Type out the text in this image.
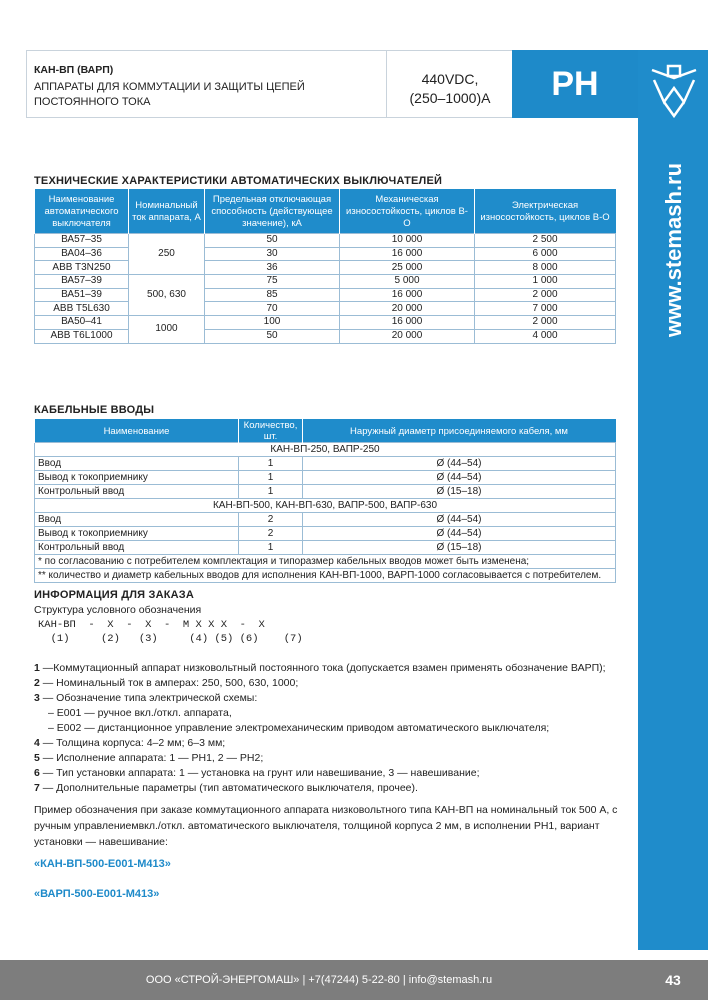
КАН-ВП (ВАРП)
АППАРАТЫ ДЛЯ КОММУТАЦИИ И ЗАЩИТЫ ЦЕПЕЙ ПОСТОЯННОГО ТОКА
440VDC,
(250–1000)А	РН
www.stemash.ru
ТЕХНИЧЕСКИЕ ХАРАКТЕРИСТИКИ АВТОМАТИЧЕСКИХ ВЫКЛЮЧАТЕЛЕЙ
Наименование автоматического выключателя	Номинальный ток аппарата, А	Предельная отключающая способность (действующее значение), кА	Механическая износостойкость, циклов В-О	Электрическая износостойкость, циклов В-О
ВА57–35	250	50	10 000	2 500
ВА04–36		30	16 000	6 000
ABB T3N250		36	25 000	8 000
ВА57–39	500, 630	75	5 000	1 000
ВА51–39		85	16 000	2 000
ABB T5L630		70	20 000	7 000
ВА50–41	1000	100	16 000	2 000
ABB T6L1000		50	20 000	4 000
КАБЕЛЬНЫЕ ВВОДЫ
Наименование	Количество, шт.	Наружный диаметр присоединяемого кабеля, мм
КАН-ВП-250, ВАПР-250		
Ввод	1	Ø (44–54)
Вывод к токоприемнику	1	Ø (44–54)
Контрольный ввод	1	Ø (15–18)
КАН-ВП-500, КАН-ВП-630, ВАПР-500, ВАПР-630		
Ввод	2	Ø (44–54)
Вывод к токоприемнику	2	Ø (44–54)
Контрольный ввод	1	Ø (15–18)
* по согласованию с потребителем комплектация и типоразмер кабельных вводов может быть изменена;		
** количество и диаметр кабельных вводов для исполнения КАН-ВП-1000, ВАРП-1000 согласовывается с потребителем.		
ИНФОРМАЦИЯ ДЛЯ ЗАКАЗА
Структура условного обозначения
КАН-ВП  -  Х  -  Х  -  М Х Х Х  -  Х
(1)     (2)   (3)     (4) (5) (6)    (7)
1 —Коммутационный аппарат низковольтный постоянного тока (допускается взамен применять обозначение ВАРП);
2 — Номинальный ток в амперах: 250, 500, 630, 1000;
3 — Обозначение типа электрической схемы:
– Е001 — ручное вкл./откл. аппарата,
– Е002 — дистанционное управление электромеханическим приводом автоматического выключателя;
4 — Толщина корпуса: 4–2 мм; 6–3 мм;
5 — Исполнение аппарата: 1 — РН1, 2 — РН2;
6 — Тип установки аппарата: 1 — установка на грунт или навешивание, 3 — навешивание;
7 — Дополнительные параметры (тип автоматического выключателя, прочее).
Пример обозначения при заказе коммутационного аппарата низковольтного типа КАН-ВП на номинальный ток 500 А, с ручным управлениемвкл./откл. автоматического выключателя, толщиной корпуса 2 мм, в исполнении РН1, вариант установки — навешивание:
«КАН-ВП-500-Е001-М413»
«ВАРП-500-Е001-М413»
ООО «СТРОЙ-ЭНЕРГОМАШ» | +7(47244) 5-22-80 | info@stemash.ru	43
